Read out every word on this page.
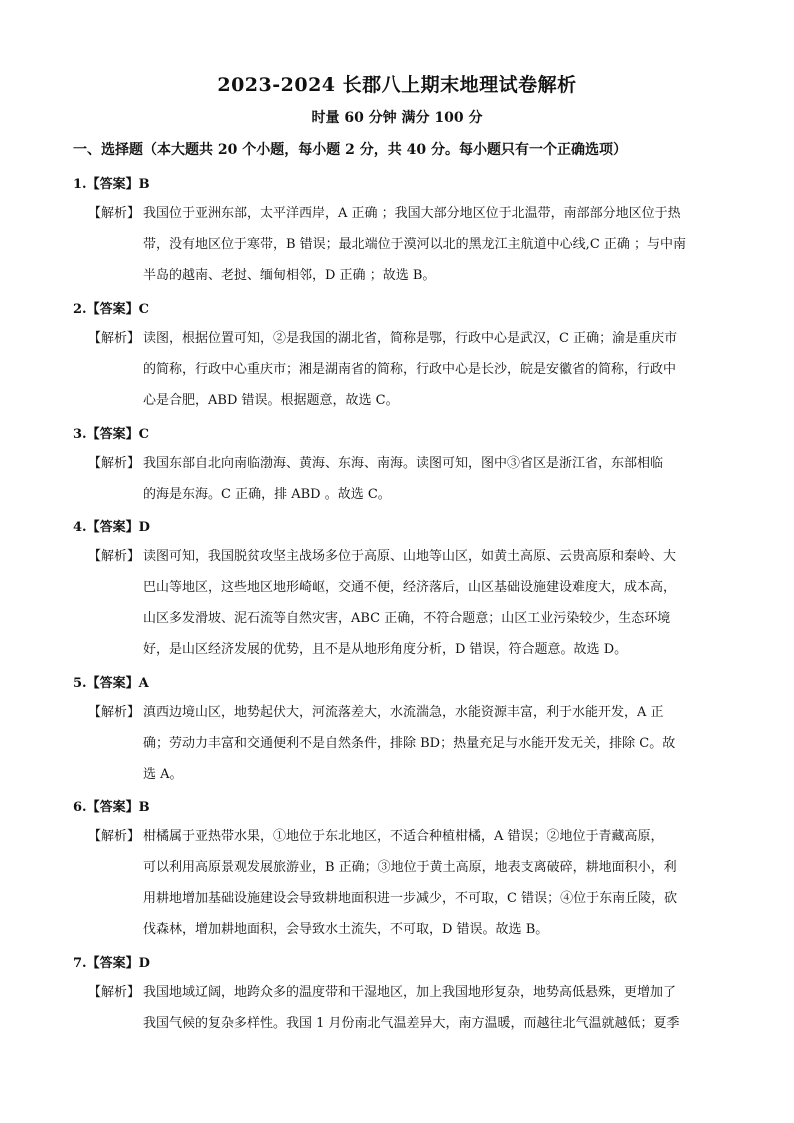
2023-2024 长郡八上期末地理试卷解析
时量 60 分钟 满分 100 分
一、选择题（本大题共 20 个小题，每小题 2 分，共 40 分。每小题只有一个正确选项）
1.【答案】B
【解析】 我国位于亚洲东部，太平洋西岸，A 正确 ；我国大部分地区位于北温带，南部部分地区位于热
带，没有地区位于寒带，B 错误；最北端位于漠河以北的黑龙江主航道中心线,C 正确 ；与中南
半岛的越南、老挝、缅甸相邻，D 正确 ；故选 B。
2.【答案】C
【解析】 读图，根据位置可知，②是我国的湖北省，简称是鄂，行政中心是武汉，C 正确；渝是重庆市
的简称，行政中心重庆市；湘是湖南省的简称，行政中心是长沙，皖是安徽省的简称，行政中
心是合肥，ABD 错误。根据题意，故选 C。
3.【答案】C
【解析】 我国东部自北向南临渤海、黄海、东海、南海。读图可知，图中③省区是浙江省，东部相临
的海是东海。C 正确，排 ABD 。故选 C。
4.【答案】D
【解析】 读图可知，我国脱贫攻坚主战场多位于高原、山地等山区，如黄土高原、云贵高原和秦岭、大
巴山等地区，这些地区地形崎岖，交通不便，经济落后，山区基础设施建设难度大，成本高，
山区多发滑坡、泥石流等自然灾害，ABC 正确，不符合题意；山区工业污染较少，生态环境
好，是山区经济发展的优势，且不是从地形角度分析，D 错误，符合题意。故选 D。
5.【答案】A
【解析】 滇西边境山区，地势起伏大，河流落差大，水流湍急，水能资源丰富，利于水能开发，A 正
确；劳动力丰富和交通便利不是自然条件，排除 BD；热量充足与水能开发无关，排除 C。故
选 A。
6.【答案】B
【解析】 柑橘属于亚热带水果，①地位于东北地区，不适合种植柑橘，A 错误；②地位于青藏高原，
可以利用高原景观发展旅游业，B 正确；③地位于黄土高原，地表支离破碎，耕地面积小，利
用耕地增加基础设施建设会导致耕地面积进一步减少，不可取，C 错误；④位于东南丘陵，砍
伐森林，增加耕地面积，会导致水土流失，不可取，D 错误。故选 B。
7.【答案】D
【解析】 我国地域辽阔，地跨众多的温度带和干湿地区，加上我国地形复杂，地势高低悬殊，更增加了
我国气候的复杂多样性。我国 1 月份南北气温差异大，南方温暖，而越往北气温就越低；夏季
